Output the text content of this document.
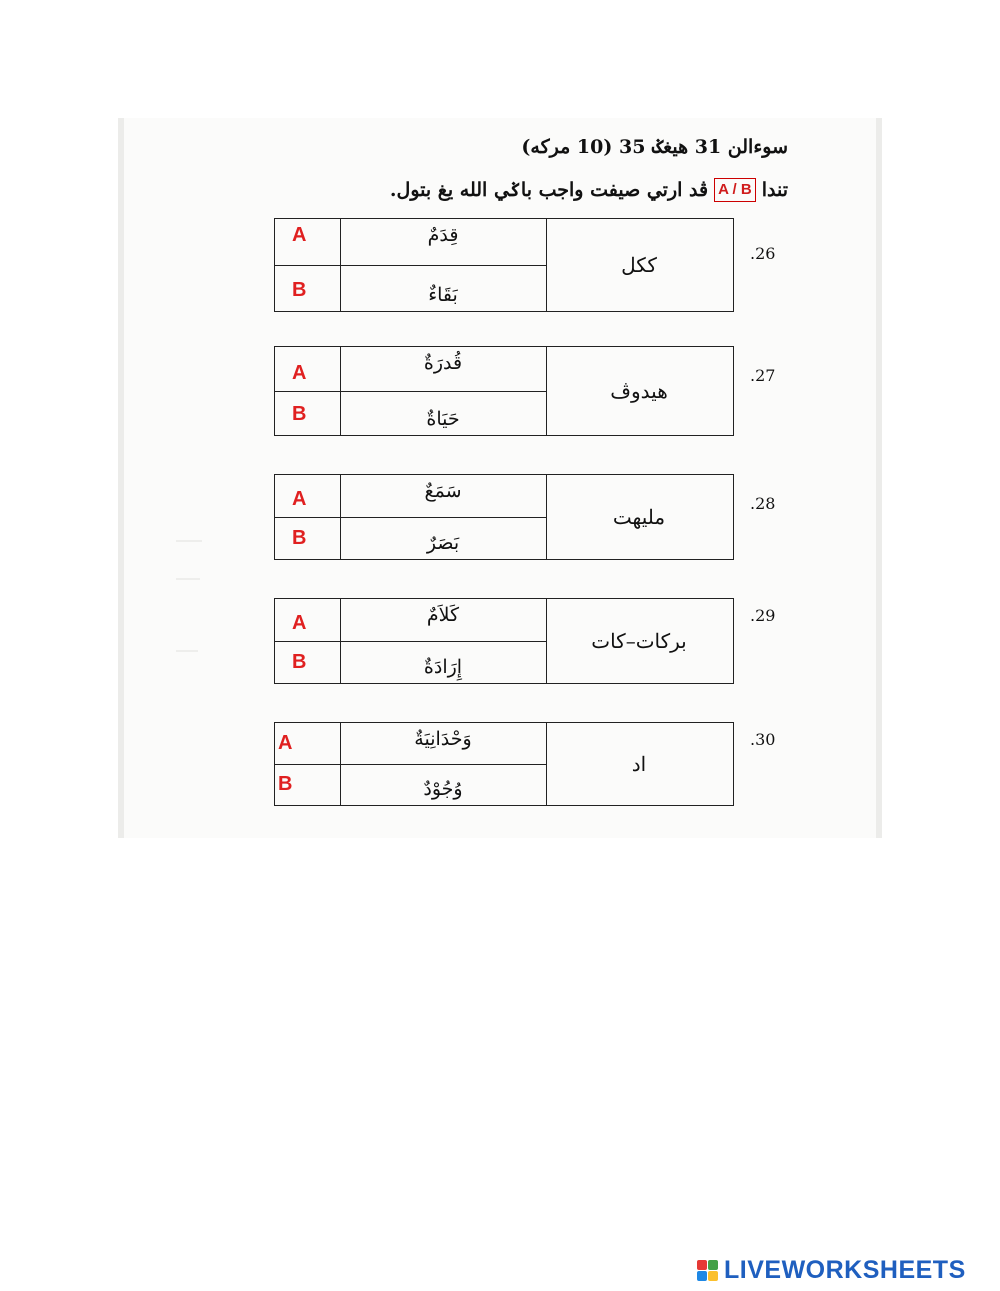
سوءالن 31 هيغݢ 35 (10 مركه)
تندا
A / B
ڤد ارتي صيفت واجب باݢي الله يغ بتول.
A
B
قِدَمٌ
بَقَاءٌ
ککل	.26
A
B
قُدرَةٌ
حَيَاةٌ
هيدوڤ
.27
A
B
سَمَعٌ
بَصَرٌ
مليهت
.28
A
B
كَلاَمٌ
إِرَادَةٌ
بركات–كات
.29
A
B
وَحْدَانِيَةٌ
وُجُوْدٌ
اد
.30
LIVEWORKSHEETS
